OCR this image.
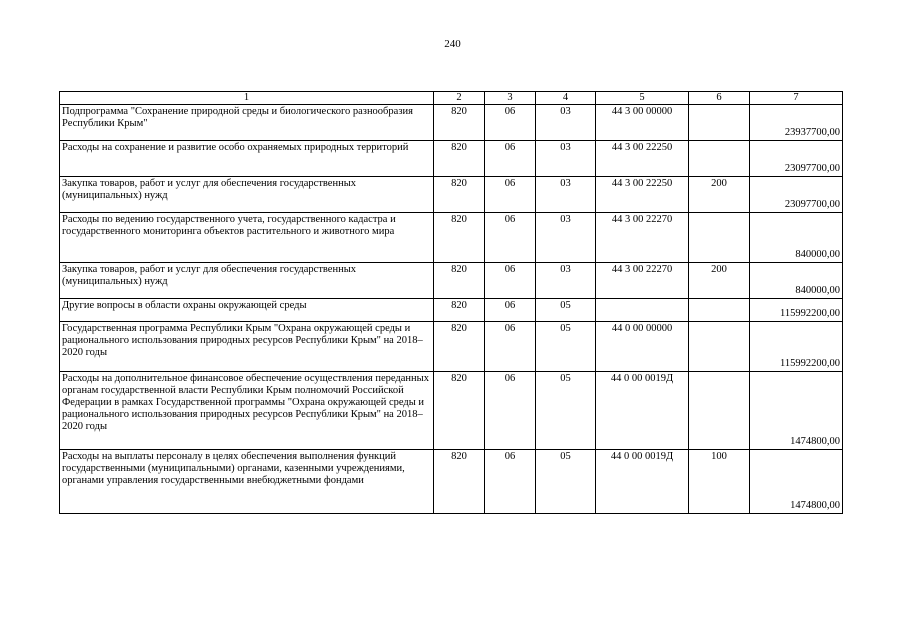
240
1	2	3	4	5	6	7
Подпрограмма "Сохранение природной среды и биологического разнообразия Республики Крым"	820	06	03	44 3 00 00000		23937700,00
Расходы на сохранение и развитие особо охраняемых природных территорий	820	06	03	44 3 00 22250		23097700,00
Закупка товаров, работ и услуг для обеспечения государственных (муниципальных) нужд	820	06	03	44 3 00 22250	200	23097700,00
Расходы по ведению государственного учета, государственного кадастра и государственного мониторинга объектов растительного и животного мира	820	06	03	44 3 00 22270		840000,00
Закупка товаров, работ и услуг для обеспечения государственных (муниципальных) нужд	820	06	03	44 3 00 22270	200	840000,00
Другие вопросы в области охраны окружающей среды	820	06	05			115992200,00
Государственная программа Республики Крым "Охрана окружающей среды и рационального использования природных ресурсов Республики Крым" на 2018–2020 годы	820	06	05	44 0 00 00000		115992200,00
Расходы на дополнительное финансовое обеспечение осуществления переданных органам государственной власти Республики Крым полномочий Российской Федерации в рамках Государственной программы "Охрана окружающей среды и рационального использования природных ресурсов Республики Крым" на 2018–2020 годы	820	06	05	44 0 00 0019Д		1474800,00
Расходы на выплаты персоналу в целях обеспечения выполнения функций государственными (муниципальными) органами, казенными учреждениями, органами управления государственными внебюджетными фондами	820	06	05	44 0 00 0019Д	100	1474800,00
